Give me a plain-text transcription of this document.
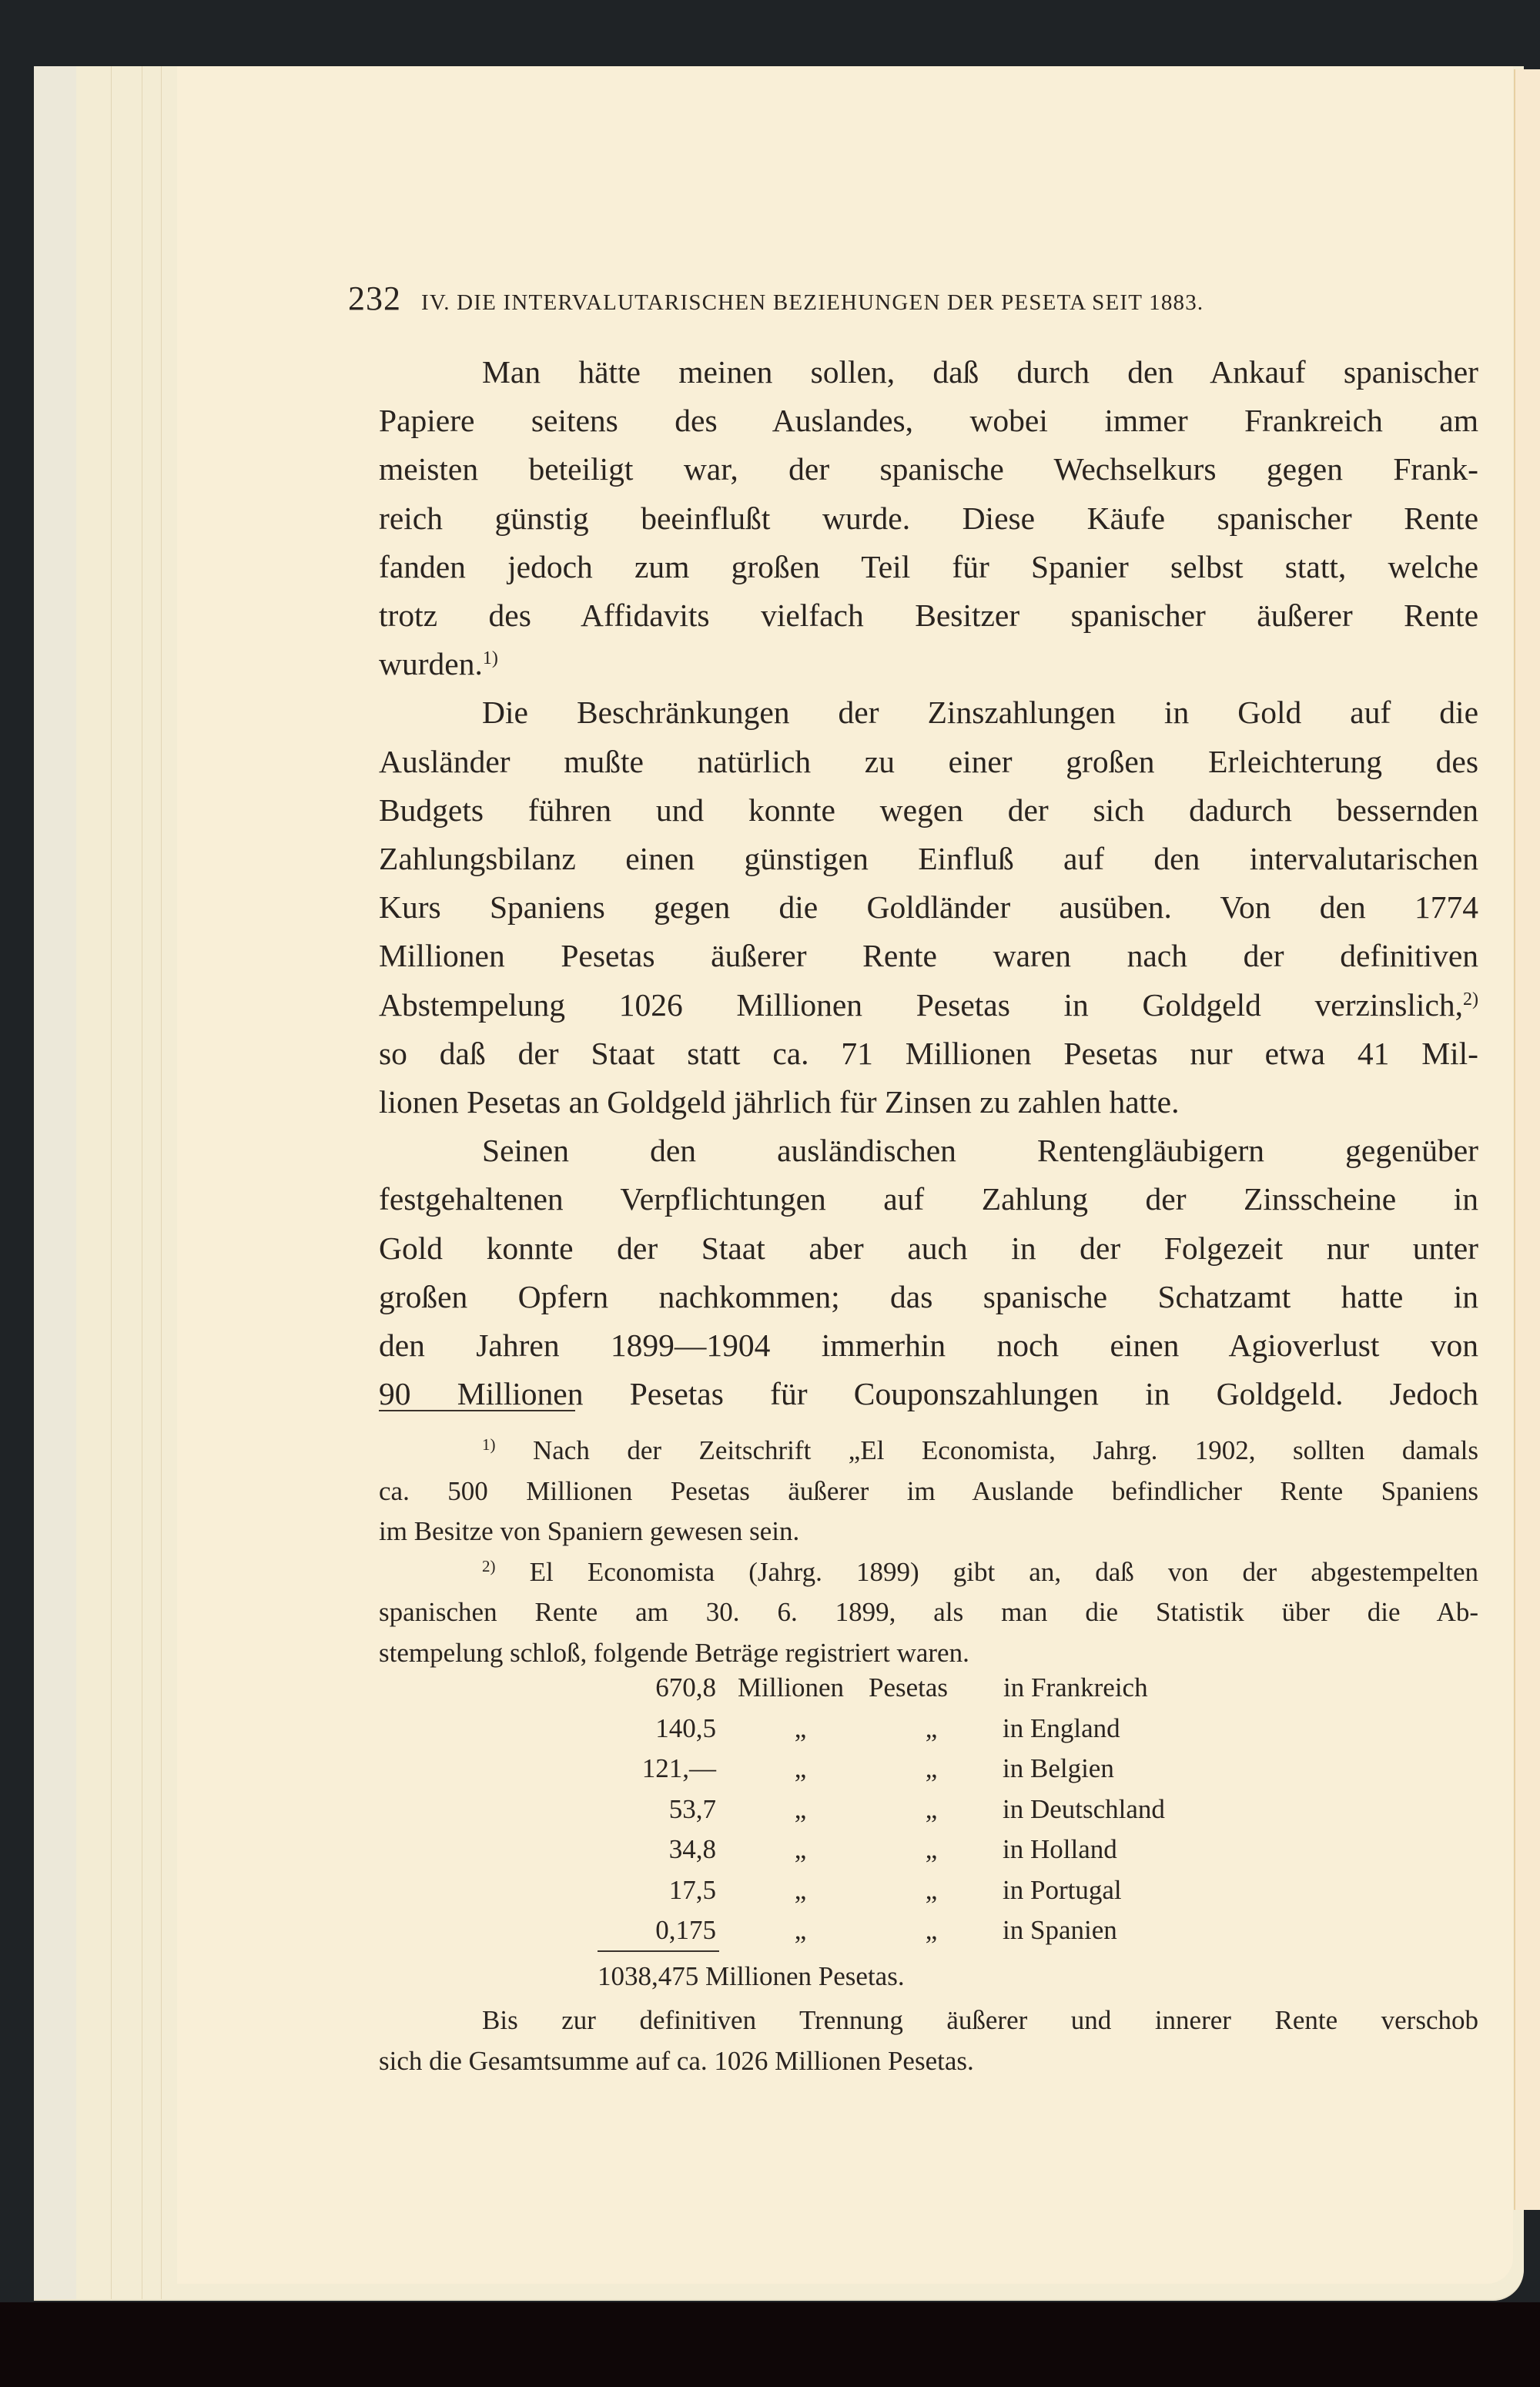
232 IV. DIE INTERVALUTARISCHEN BEZIEHUNGEN DER PESETA SEIT 1883.

Man hätte meinen sollen, daß durch den Ankauf spanischer
Papiere seitens des Auslandes, wobei immer Frankreich am
meisten beteiligt war, der spanische Wechselkurs gegen Frank-
reich günstig beeinflußt wurde. Diese Käufe spanischer Rente
fanden jedoch zum großen Teil für Spanier selbst statt, welche
trotz des Affidavits vielfach Besitzer spanischer äußerer Rente
wurden.$^{1)}$

Die Beschränkungen der Zinszahlungen in Gold auf die
Ausländer mußte natürlich zu einer großen Erleichterung des
Budgets führen und konnte wegen der sich dadurch bessernden
Zahlungsbilanz einen günstigen Einfluß auf den intervalutarischen
Kurs Spaniens gegen die Goldländer ausüben. Von den 1774
Millionen Pesetas äußerer Rente waren nach der definitiven
Abstempelung 1026 Millionen Pesetas in Goldgeld verzinslich,$^{2)}$
so daß der Staat statt ca. 71 Millionen Pesetas nur etwa 41 Mil-
lionen Pesetas an Goldgeld jährlich für Zinsen zu zahlen hatte.

Seinen den ausländischen Rentengläubigern gegenüber
festgehaltenen Verpflichtungen auf Zahlung der Zinsscheine in
Gold konnte der Staat aber auch in der Folgezeit nur unter
großen Opfern nachkommen; das spanische Schatzamt hatte in
den Jahren 1899—1904 immerhin noch einen Agioverlust von
90 Millionen Pesetas für Couponszahlungen in Goldgeld. Jedoch

$^{1)}$ Nach der Zeitschrift „El Economista, Jahrg. 1902, sollten damals
ca. 500 Millionen Pesetas äußerer im Auslande befindlicher Rente Spaniens
im Besitze von Spaniern gewesen sein.
$^{2)}$ El Economista (Jahrg. 1899) gibt an, daß von der abgestempelten
spanischen Rente am 30. 6. 1899, als man die Statistik über die Ab-
stempelung schloß, folgende Beträge registriert waren.
670,8 Millionen Pesetas	in Frankreich
140,5	„	„	in England
121,—	„	„	in Belgien
53,7	„	„	in Deutschland
34,8	„	„	in Holland
17,5	„	„	in Portugal
0,175	„	„	in Spanien
1038,475 Millionen Pesetas.
Bis zur definitiven Trennung äußerer und innerer Rente verschob
sich die Gesamtsumme auf ca. 1026 Millionen Pesetas.
